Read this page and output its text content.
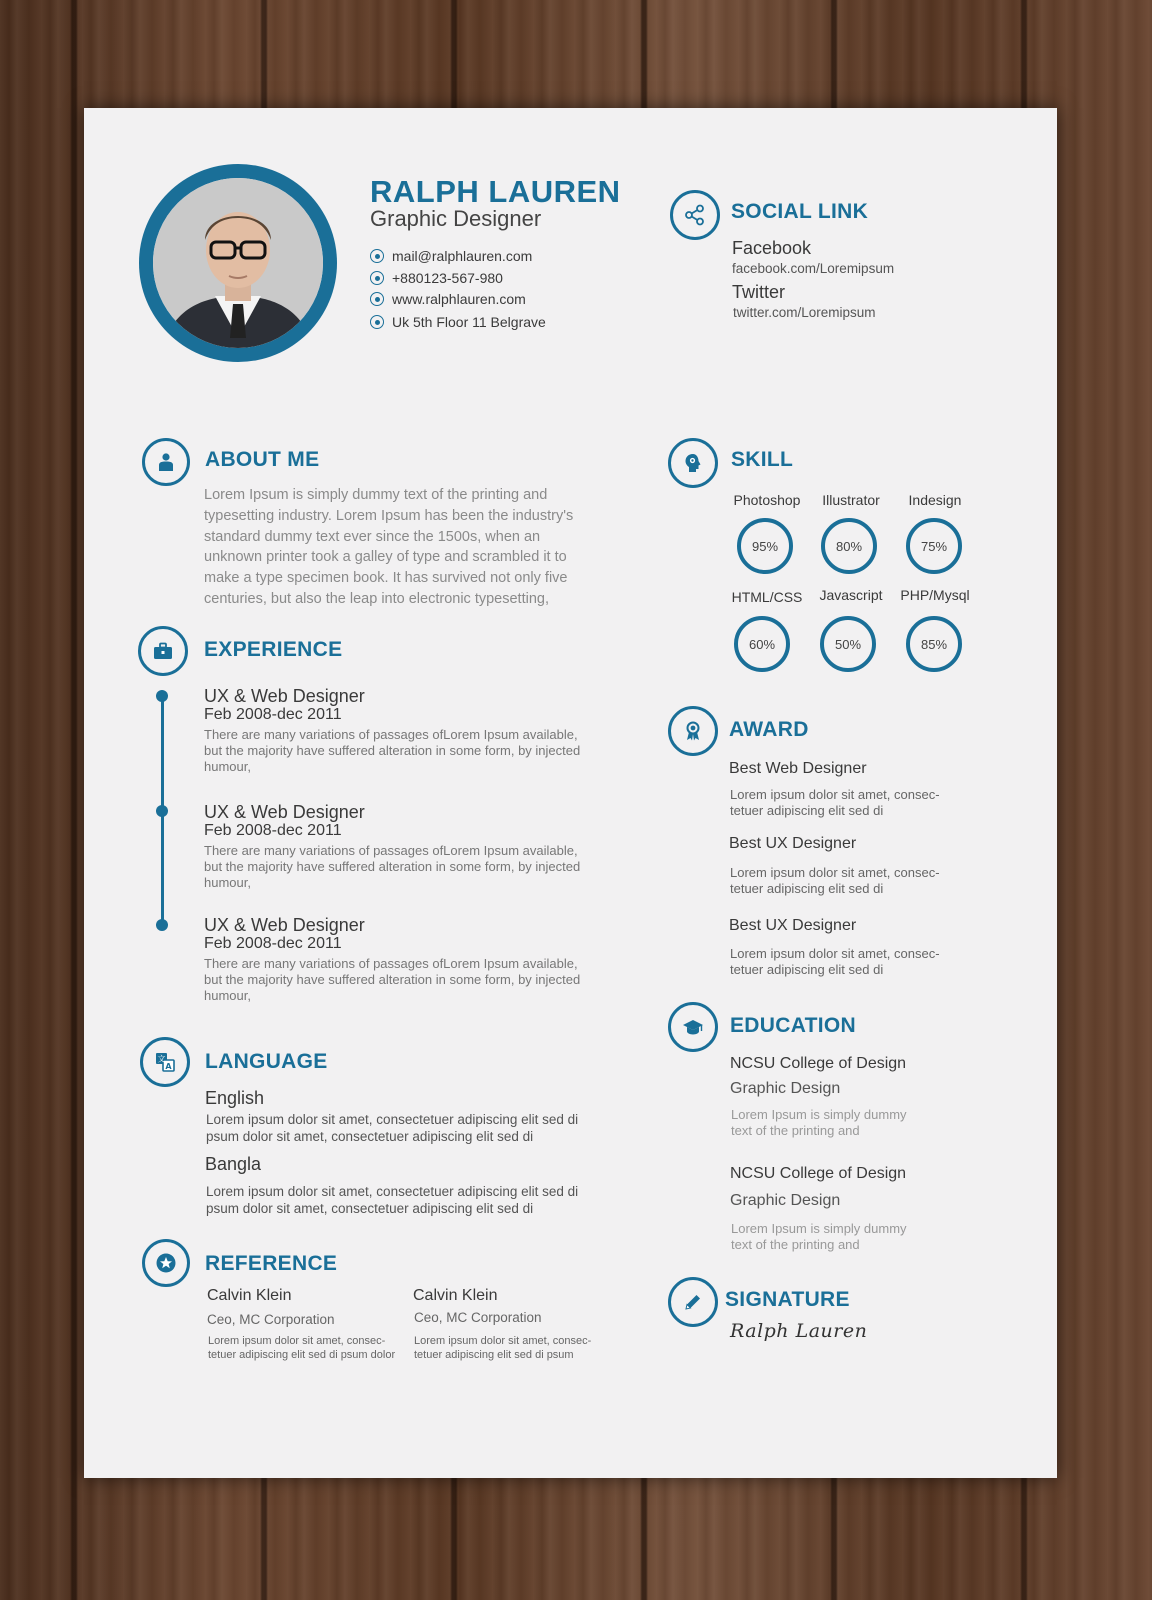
RALPH LAUREN
Graphic Designer
mail@ralphlauren.com
+880123-567-980
www.ralphlauren.com
Uk 5th Floor 11 Belgrave
SOCIAL LINK
Facebook
facebook.com/Loremipsum
Twitter
twitter.com/Loremipsum
ABOUT ME
Lorem Ipsum is simply dummy text of the printing and
typesetting industry. Lorem Ipsum has been the industry's
standard dummy text ever since the 1500s, when an
unknown printer took a galley of type and scrambled it to
make a type specimen book. It has survived not only five
centuries, but also the leap into electronic typesetting,
SKILL
Photoshop	Illustrator	Indesign
95%	80%	75%
HTML/CSS	Javascript	PHP/Mysql
60%	50%	85%
EXPERIENCE
UX & Web Designer
Feb 2008-dec 2011
There are many variations of passages ofLorem Ipsum available,
but the majority have suffered alteration in some form, by injected
humour,
UX & Web Designer
Feb 2008-dec 2011
There are many variations of passages ofLorem Ipsum available,
but the majority have suffered alteration in some form, by injected
humour,
UX & Web Designer
Feb 2008-dec 2011
There are many variations of passages ofLorem Ipsum available,
but the majority have suffered alteration in some form, by injected
humour,
AWARD
Best Web Designer
Lorem ipsum dolor sit amet, consec-
tetuer adipiscing elit sed di
Best UX Designer
Lorem ipsum dolor sit amet, consec-
tetuer adipiscing elit sed di
Best UX Designer
Lorem ipsum dolor sit amet, consec-
tetuer adipiscing elit sed di
文
A LANGUAGE
English
Lorem ipsum dolor sit amet, consectetuer adipiscing elit sed di
psum dolor sit amet, consectetuer adipiscing elit sed di
Bangla
Lorem ipsum dolor sit amet, consectetuer adipiscing elit sed di
psum dolor sit amet, consectetuer adipiscing elit sed di
EDUCATION
NCSU College of Design
Graphic Design
Lorem Ipsum is simply dummy
text of the printing and
NCSU College of Design
Graphic Design
Lorem Ipsum is simply dummy
text of the printing and
REFERENCE
Calvin Klein
Ceo, MC Corporation
Lorem ipsum dolor sit amet, consec-
tetuer adipiscing elit sed di psum dolor
Calvin Klein
Ceo, MC Corporation
Lorem ipsum dolor sit amet, consec-
tetuer adipiscing elit sed di psum
SIGNATURE
Ralph Lauren
